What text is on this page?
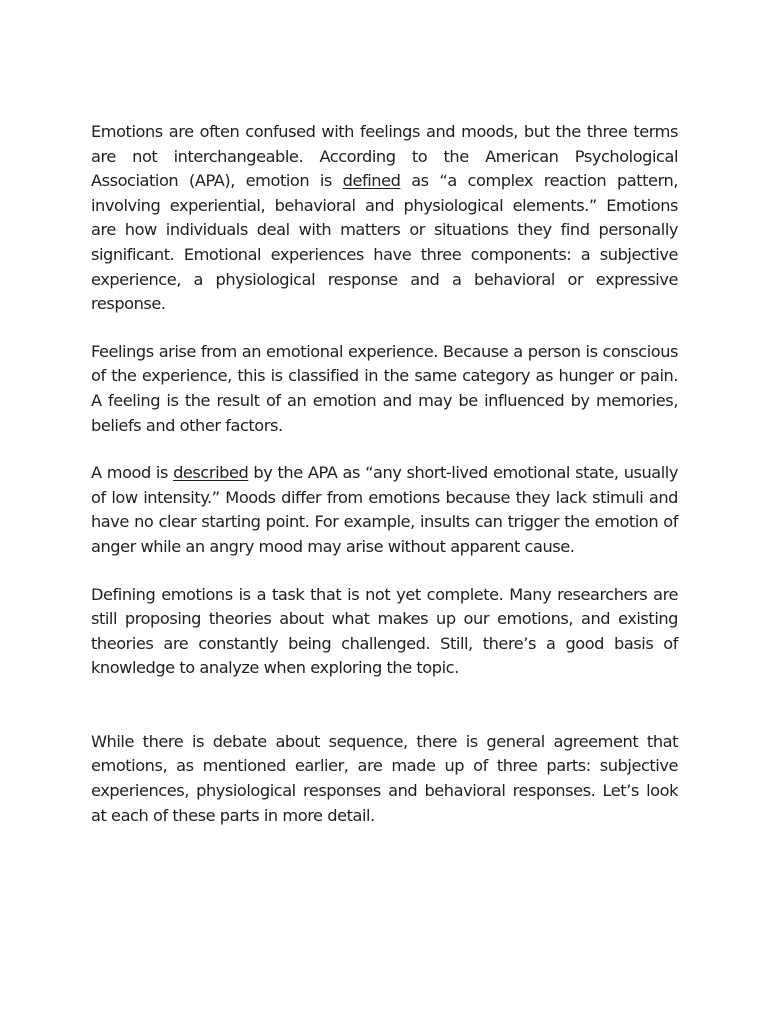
Emotions are often confused with feelings and moods, but the three terms are not interchangeable. According to the American Psychological Association (APA), emotion is defined as “a complex reaction pattern, involving experiential, behavioral and physiological elements.” Emotions are how individuals deal with matters or situations they find personally significant. Emotional experiences have three components: a subjective experience, a physiological response and a behavioral or expressive response.

Feelings arise from an emotional experience. Because a person is conscious of the experience, this is classified in the same category as hunger or pain. A feeling is the result of an emotion and may be influenced by memories, beliefs and other factors.

A mood is described by the APA as “any short-lived emotional state, usually of low intensity.” Moods differ from emotions because they lack stimuli and have no clear starting point. For example, insults can trigger the emotion of anger while an angry mood may arise without apparent cause.

Defining emotions is a task that is not yet complete. Many researchers are still proposing theories about what makes up our emotions, and existing theories are constantly being challenged. Still, there’s a good basis of knowledge to analyze when exploring the topic.

While there is debate about sequence, there is general agreement that emotions, as mentioned earlier, are made up of three parts: subjective experiences, physiological responses and behavioral responses. Let’s look at each of these parts in more detail.
